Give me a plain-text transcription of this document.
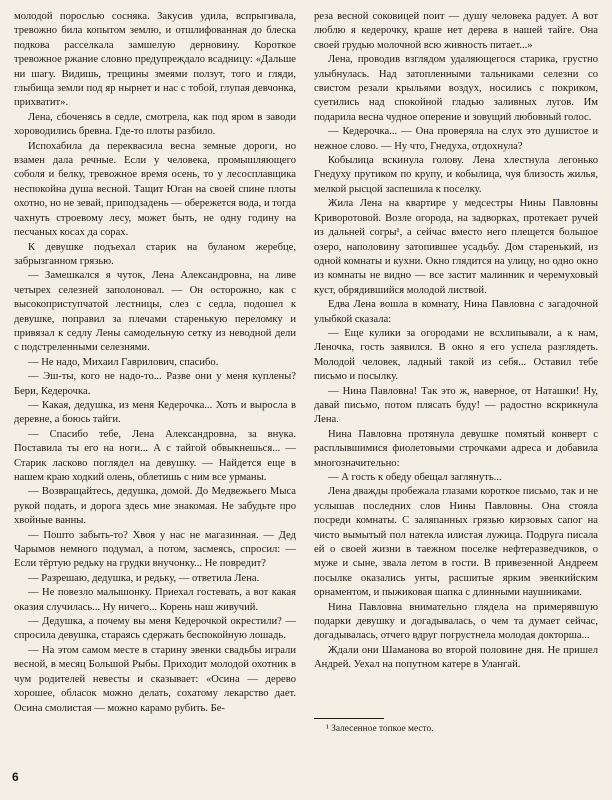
молодой порослью сосняка. Закусив удила, вспрыгивала, тревожно била копытом землю, и отшлифованная до блеска подкова расселкала замшелую дерновину. Короткое тревожное ржание словно предупреждало всадницу: «Дальше ни шагу. Видишь, трещины змеями ползут, того и гляди, глыбища земли под яр нырнет и нас с тобой, глупая девчонка, прихватит».

Лена, сбоченясь в седле, смотрела, как под яром в заводи хороводились бревна. Где-то плоты разбило.

Испохабила да перекваcила весна земные дороги, но взамен дала речные. Если у человека, промышляющего соболя и белку, тревожное время осень, то у лесосплавщика неспокойна душа весной. Тащит Юган на своей спине плоты охотно, но не зевай, приподзадень — обережется вода, и тогда чахнуть строевому лесу, может быть, не одну годину на песчаных косах да сорах.

К девушке подъехал старик на буланом жеребце, забрызганном грязью.

— Замешкался я чуток, Лена Александровна, на ливе четырех селезней заполоновал. — Он осторожно, как с высокоприступчатой лестницы, слез с седла, подошел к девушке, поправил за плечами старенькую переломку и привязал к седлу Лены самодельную сетку из неводной дели с подстреленными селезнями.

— Не надо, Михаил Гаврилович, спасибо.

— Эш-ты, кого не надо-то... Разве они у меня куплены? Бери, Кедерочка.

— Какая, дедушка, из меня Кедерочка... Хоть и выросла в деревне, а боюсь тайги.

— Спасибо тебе, Лена Александровна, за внука. Поставила ты его на ноги... А с тайгой обвыкнешься... — Старик ласково поглядел на девушку. — Найдется еще в нашем краю ходкий олень, облетишь с ним все урманы.

— Возвращайтесь, дедушка, домой. До Медвежьего Мыса рукой подать, и дорога здесь мне знакомая. Не забудьте про хвойные ванны.

— Пошто забыть-то? Хвоя у нас не магазинная. — Дед Чарымов немного подумал, а потом, засмеясь, спросил: — Если тёртую редьку на грудки внучонку... Не повредит?

— Разрешаю, дедушка, и редьку, — ответила Лена.

— Не повезло малышонку. Приехал гостевать, а вот какая оказия случилась... Ну ничего... Корень наш живучий.

— Дедушка, а почему вы меня Кедерочкой окрестили? — спросила девушка, стараясь сдержать беспокойную лошадь.

— На этом самом месте в старину эвенки свадьбы играли весной, в месяц Большой Рыбы. Приходит молодой охотник в чум родителей невесты и сказывает: «Осина — дерево хорошее, обласок можно делать, сохатому лекарство дает. Осина смолистая — можно карамо рубить. Бе-

реза весной соковицей поит — душу человека радует. А вот люблю я кедерочку, краше нет дерева в нашей тайге. Она своей грудью молочной всю живность питает...»

Лена, проводив взглядом удаляющегося старика, грустно улыбнулась. Над затопленными тальниками селезни со свистом резали крыльями воздух, носились с покриком, суетились над спокойной гладью заливных лугов. Им подарила весна чудное оперение и зовущий любовный голос.

— Кедерочка... — Она проверяла на слух это душистое и нежное слово. — Ну что, Гнедуха, отдохнула?

Кобылица вскинула голову. Лена хлестнула легонько Гнедуху прутиком по крупу, и кобылица, чуя близость жилья, мелкой рысцой заспешила к поселку.

Жила Лена на квартире у медсестры Нины Павловны Криворотовой. Возле огорода, на задворках, протекает ручей из дальней согры¹, а сейчас вместо него плещется большое озеро, наполовину затопившее усадьбу. Дом старенький, из одной комнаты и кухни. Окно глядится на улицу, но одно окно из комнаты не видно — все застит малинник и черемуховый куст, обрядившийся молодой листвой.

Едва Лена вошла в комнату, Нина Павловна с загадочной улыбкой сказала:

— Еще кулики за огородами не всхлипывали, а к нам, Леночка, гость заявился. В окно я его успела разглядеть. Молодой человек, ладный такой из себя... Оставил тебе письмо и посылку.

— Нина Павловна! Так это ж, наверное, от Наташки! Ну, давай письмо, потом плясать буду! — радостно вскрикнула Лена.

Нина Павловна протянула девушке помятый конверт с расплывшимися фиолетовыми строчками адреса и добавила многозначительно:

— А гость к обеду обещал заглянуть...

Лена дважды пробежала глазами короткое письмо, так и не услышав последних слов Нины Павловны. Она стояла посреди комнаты. С заляпанных грязью кирзовых сапог на чисто вымытый пол натекла илистая лужица. Подруга писала ей о своей жизни в таежном поселке нефтеразведчиков, о муже и сыне, звала летом в гости. В привезенной Андреем посылке оказались унты, расшитые ярким эвенкийским орнаментом, и пыжиковая шапка с длинными наушниками.

Нина Павловна внимательно глядела на примерявшую подарки девушку и догадывалась, о чем та думает сейчас, догадывалась, отчего вдруг погрустнела молодая докторша...

Ждали они Шаманова во второй половине дня. Не пришел Андрей. Уехал на попутном катере в Улангай.

¹ Залесенное топкое место.
6
